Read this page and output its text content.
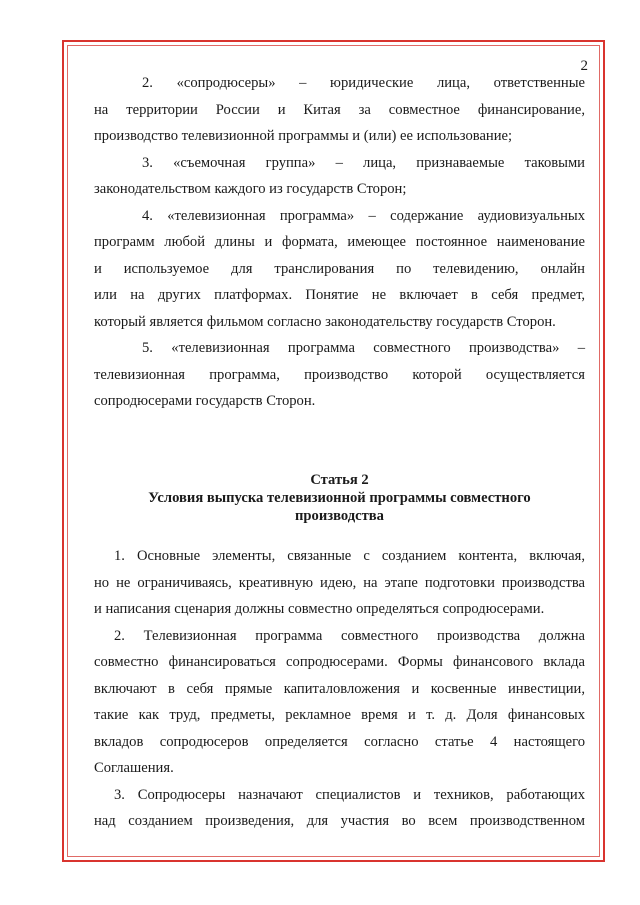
2
2. «сопродюсеры» – юридические лица, ответственные
на территории России и Китая за совместное финансирование,
производство телевизионной программы и (или) ее использование;
3. «съемочная группа» – лица, признаваемые таковыми
законодательством каждого из государств Сторон;
4. «телевизионная программа» – содержание аудиовизуальных
программ любой длины и формата, имеющее постоянное наименование
и используемое для транслирования по телевидению, онлайн
или на других платформах. Понятие не включает в себя предмет,
который является фильмом согласно законодательству государств Сторон.
5. «телевизионная программа совместного производства» –
телевизионная программа, производство которой осуществляется
сопродюсерами государств Сторон.
Статья 2
Условия выпуска телевизионной программы совместного
производства
1. Основные элементы, связанные с созданием контента, включая,
но не ограничиваясь, креативную идею, на этапе подготовки производства
и написания сценария должны совместно определяться сопродюсерами.
2. Телевизионная программа совместного производства должна
совместно финансироваться сопродюсерами. Формы финансового вклада
включают в себя прямые капиталовложения и косвенные инвестиции,
такие как труд, предметы, рекламное время и т. д. Доля финансовых
вкладов сопродюсеров определяется согласно статье 4 настоящего
Соглашения.
3. Сопродюсеры назначают специалистов и техников, работающих
над созданием произведения, для участия во всем производственном
